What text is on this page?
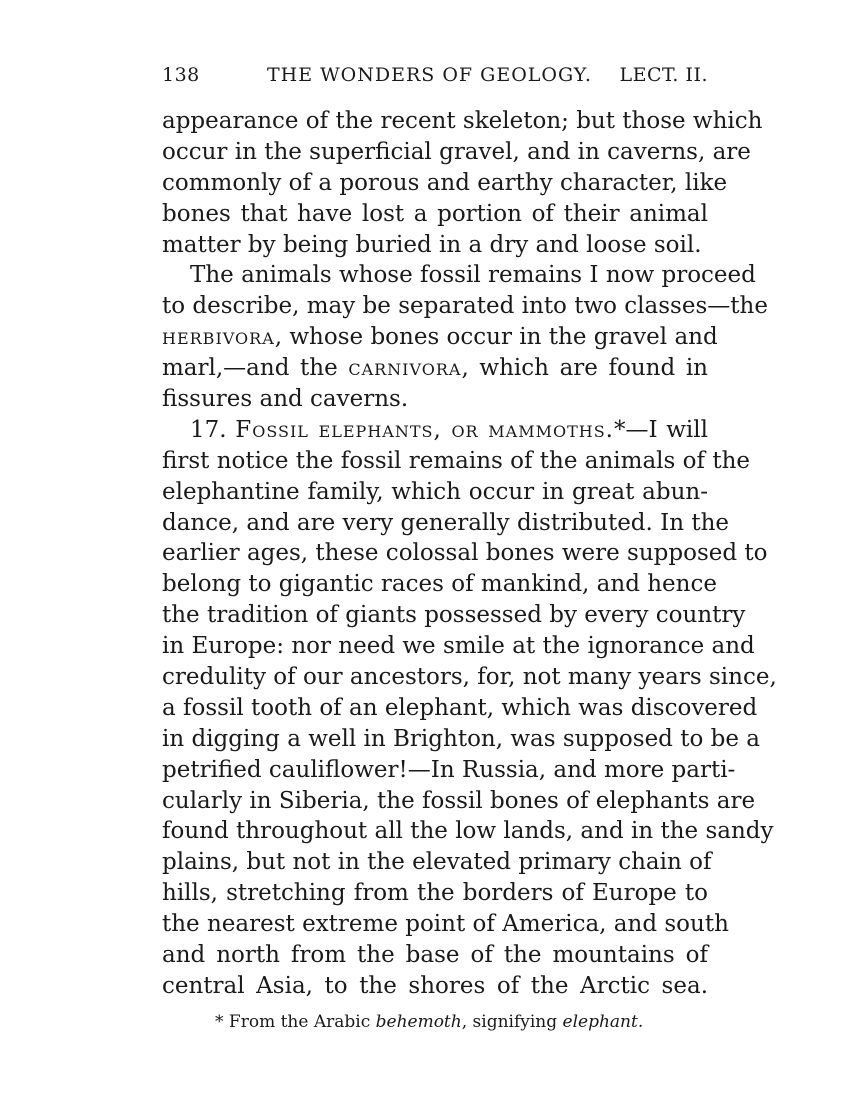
138	THE WONDERS OF GEOLOGY. LECT. II.
appearance of the recent skeleton; but those which
occur in the superficial gravel, and in caverns, are
commonly of a porous and earthy character, like
bones that have lost a portion of their animal
matter by being buried in a dry and loose soil.
The animals whose fossil remains I now proceed
to describe, may be separated into two classes—the
herbivora, whose bones occur in the gravel and
marl,—and the carnivora, which are found in
fissures and caverns.
17. Fossil elephants, or mammoths.*—I will
first notice the fossil remains of the animals of the
elephantine family, which occur in great abun-
dance, and are very generally distributed. In the
earlier ages, these colossal bones were supposed to
belong to gigantic races of mankind, and hence
the tradition of giants possessed by every country
in Europe: nor need we smile at the ignorance and
credulity of our ancestors, for, not many years since,
a fossil tooth of an elephant, which was discovered
in digging a well in Brighton, was supposed to be a
petrified cauliflower!—In Russia, and more parti-
cularly in Siberia, the fossil bones of elephants are
found throughout all the low lands, and in the sandy
plains, but not in the elevated primary chain of
hills, stretching from the borders of Europe to
the nearest extreme point of America, and south
and north from the base of the mountains of
central Asia, to the shores of the Arctic sea.
* From the Arabic behemoth, signifying elephant.
